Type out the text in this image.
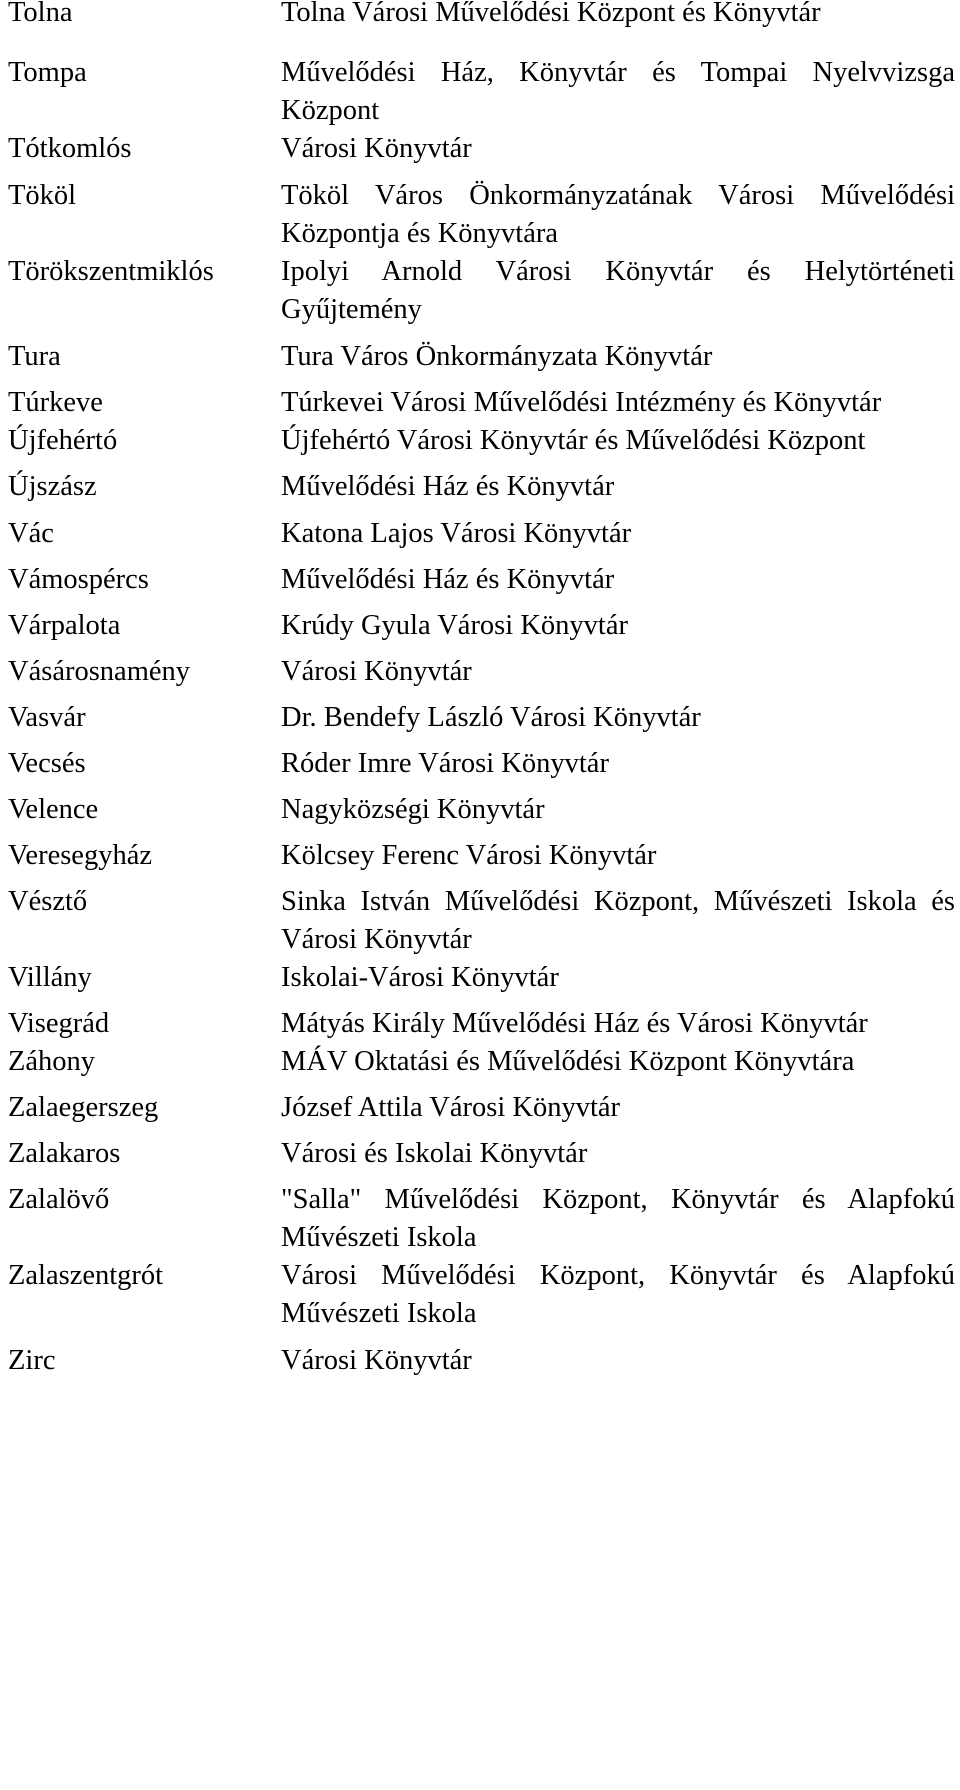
Tolna	Tolna Városi Művelődési Központ és Könyvtár
Tompa	Művelődési Ház, Könyvtár és Tompai Nyelvvizsga Központ
Tótkomlós	Városi Könyvtár
Tököl	Tököl Város Önkormányzatának Városi Művelődési Központja és Könyvtára
Törökszentmiklós	Ipolyi Arnold Városi Könyvtár és Helytörténeti Gyűjtemény
Tura	Tura Város Önkormányzata Könyvtár
Túrkeve	Túrkevei Városi Művelődési Intézmény és Könyvtár
Újfehértó	Újfehértó Városi Könyvtár és Művelődési Központ
Újszász	Művelődési Ház és Könyvtár
Vác	Katona Lajos Városi Könyvtár
Vámospércs	Művelődési Ház és Könyvtár
Várpalota	Krúdy Gyula Városi Könyvtár
Vásárosnamény	Városi Könyvtár
Vasvár	Dr. Bendefy László Városi Könyvtár
Vecsés	Róder Imre Városi Könyvtár
Velence	Nagyközségi Könyvtár
Veresegyház	Kölcsey Ferenc Városi Könyvtár
Vésztő	Sinka István Művelődési Központ, Művészeti Iskola és Városi Könyvtár
Villány	Iskolai-Városi Könyvtár
Visegrád	Mátyás Király Művelődési Ház és Városi Könyvtár
Záhony	MÁV Oktatási és Művelődési Központ Könyvtára
Zalaegerszeg	József Attila Városi Könyvtár
Zalakaros	Városi és Iskolai Könyvtár
Zalalövő	"Salla" Művelődési Központ, Könyvtár és Alapfokú Művészeti Iskola
Zalaszentgrót	Városi Művelődési Központ, Könyvtár és Alapfokú Művészeti Iskola
Zirc	Városi Könyvtár
